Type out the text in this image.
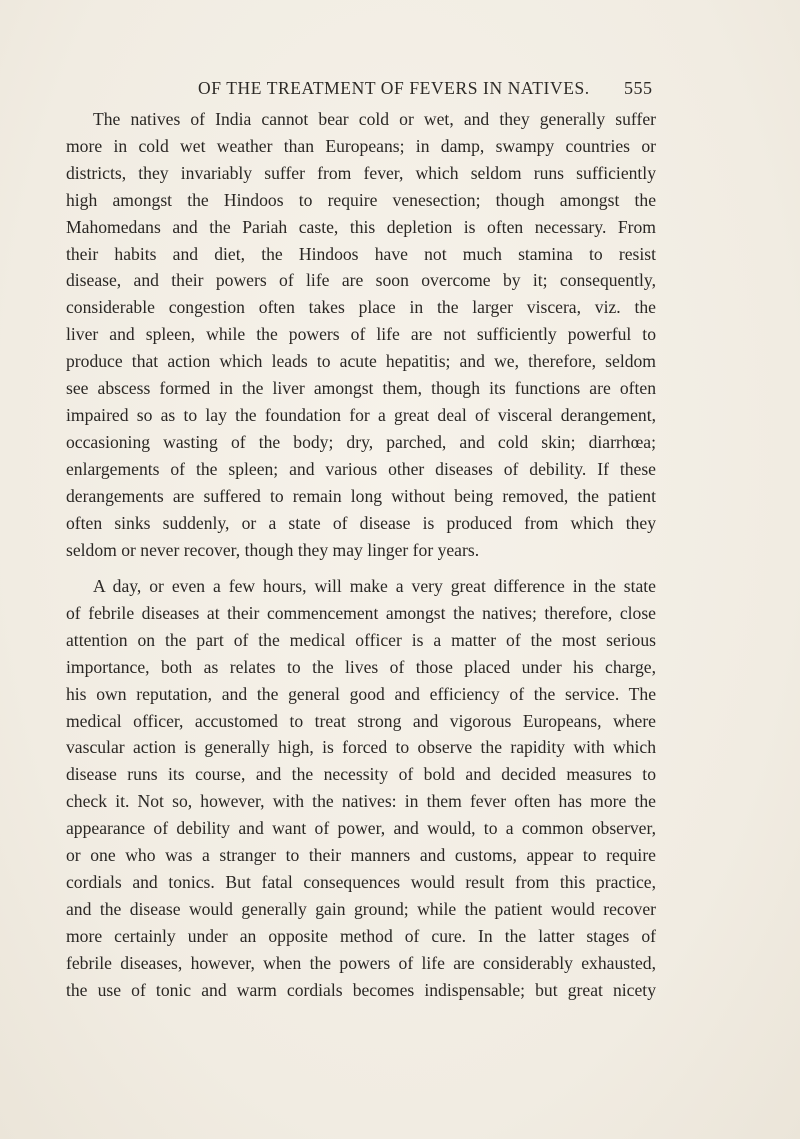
OF THE TREATMENT OF FEVERS IN NATIVES.	555
The natives of India cannot bear cold or wet, and they generally suffer
more in cold wet weather than Europeans; in damp, swampy countries or
districts, they invariably suffer from fever, which seldom runs sufficiently
high amongst the Hindoos to require venesection; though amongst the
Mahomedans and the Pariah caste, this depletion is often necessary. From
their habits and diet, the Hindoos have not much stamina to resist
disease, and their powers of life are soon overcome by it; consequently,
considerable congestion often takes place in the larger viscera, viz. the
liver and spleen, while the powers of life are not sufficiently powerful to
produce that action which leads to acute hepatitis; and we, therefore, seldom
see abscess formed in the liver amongst them, though its functions are often
impaired so as to lay the foundation for a great deal of visceral derangement,
occasioning wasting of the body; dry, parched, and cold skin; diarrhœa;
enlargements of the spleen; and various other diseases of debility. If these
derangements are suffered to remain long without being removed, the patient
often sinks suddenly, or a state of disease is produced from which they
seldom or never recover, though they may linger for years.
A day, or even a few hours, will make a very great difference in the state
of febrile diseases at their commencement amongst the natives; therefore, close
attention on the part of the medical officer is a matter of the most serious
importance, both as relates to the lives of those placed under his charge,
his own reputation, and the general good and efficiency of the service. The
medical officer, accustomed to treat strong and vigorous Europeans, where
vascular action is generally high, is forced to observe the rapidity with which
disease runs its course, and the necessity of bold and decided measures to
check it. Not so, however, with the natives: in them fever often has more the
appearance of debility and want of power, and would, to a common observer,
or one who was a stranger to their manners and customs, appear to require
cordials and tonics. But fatal consequences would result from this practice,
and the disease would generally gain ground; while the patient would recover
more certainly under an opposite method of cure. In the latter stages of
febrile diseases, however, when the powers of life are considerably exhausted,
the use of tonic and warm cordials becomes indispensable; but great nicety
